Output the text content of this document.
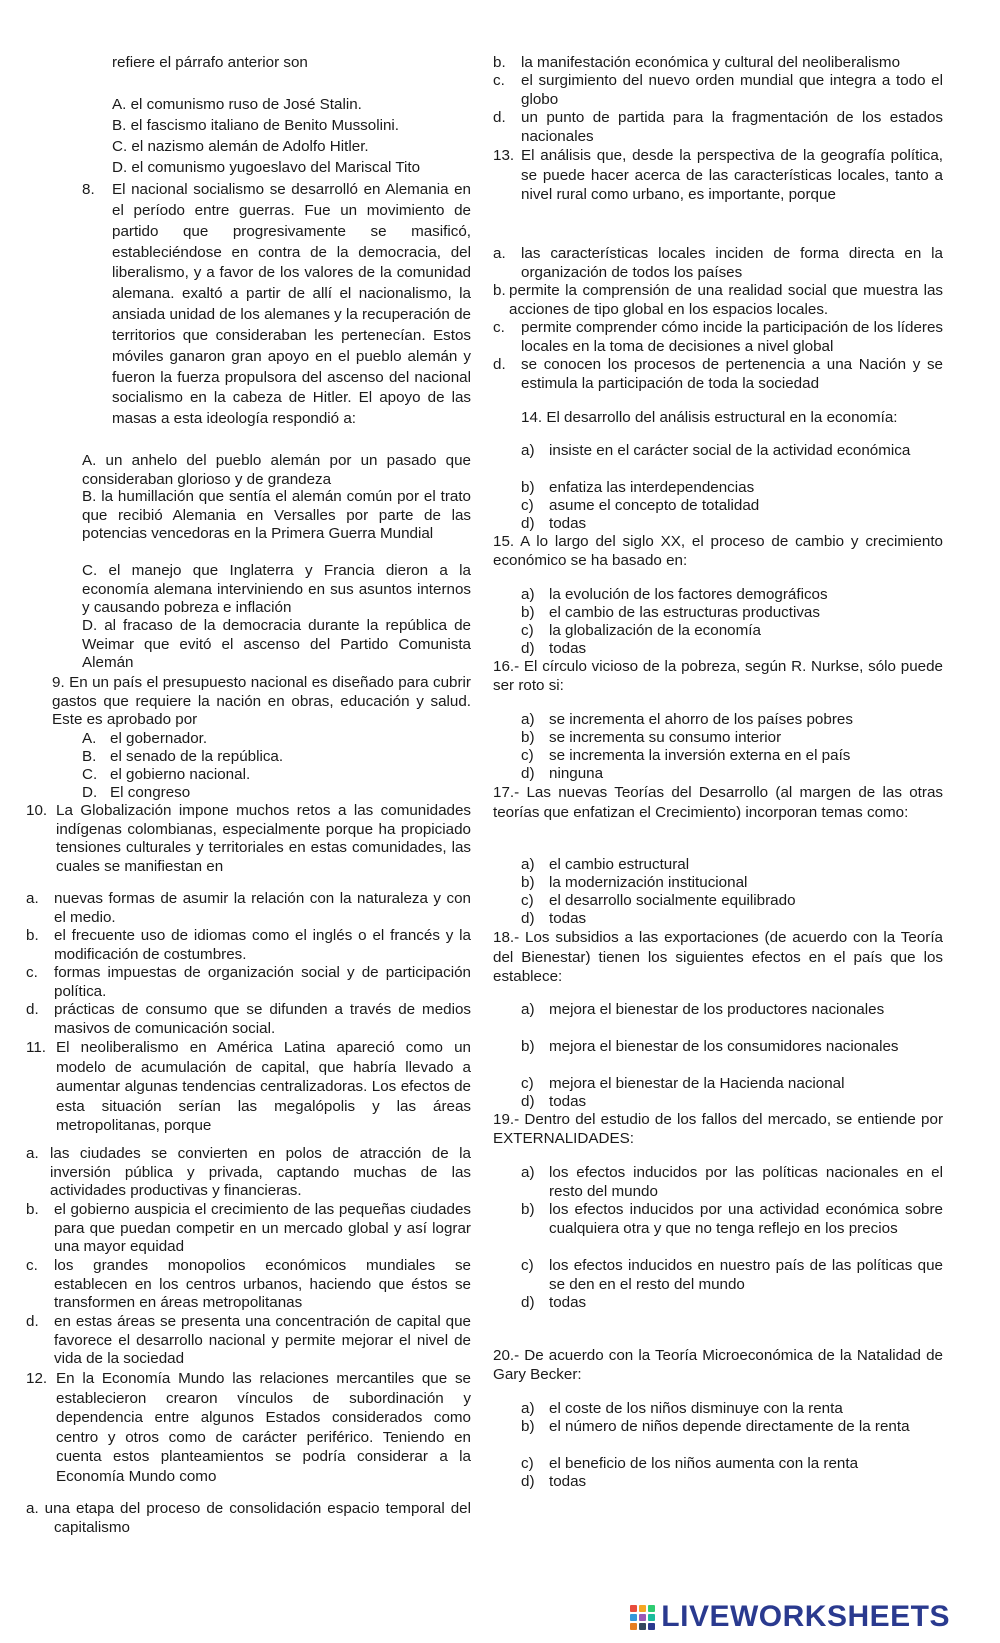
refiere el párrafo anterior son
A. el comunismo ruso de José Stalin.
B. el fascismo italiano de Benito Mussolini.
C. el nazismo alemán de Adolfo Hitler.
D. el comunismo yugoeslavo del Mariscal Tito
8.	El nacional socialismo se desarrolló en Alemania en el período entre guerras. Fue un movimiento de partido que progresivamente se masificó, estableciéndose en contra de la democracia, del liberalismo, y a favor de los valores de la comunidad alemana. exaltó a partir de allí el nacionalismo, la ansiada unidad de los alemanes y la recuperación de territorios que consideraban les pertenecían. Estos móviles ganaron gran apoyo en el pueblo alemán y fueron la fuerza propulsora del ascenso del nacional socialismo en la cabeza de Hitler. El apoyo de las masas a esta ideología respondió a:
A. un anhelo del pueblo alemán por un pasado que consideraban glorioso y de grandeza
B. la humillación que sentía el alemán común por el trato que recibió Alemania en Versalles por parte de las potencias vencedoras en la Primera Guerra Mundial
C. el manejo que Inglaterra y Francia dieron a la economía alemana interviniendo en sus asuntos internos y causando pobreza e inflación
D. al fracaso de la democracia durante la república de Weimar que evitó el ascenso del Partido Comunista Alemán
9. En un país el presupuesto nacional es diseñado para cubrir gastos que requiere la nación en obras, educación y salud. Este es aprobado por
A. el gobernador.
B. el senado de la república.
C. el gobierno nacional.
D. El congreso
10. La Globalización impone muchos retos a las comunidades indígenas colombianas, especialmente porque ha propiciado tensiones culturales y territoriales en estas comunidades, las cuales se manifiestan en
a.	nuevas formas de asumir la relación con la naturaleza y con el medio.
b.	el frecuente uso de idiomas como el inglés o el francés y la modificación de costumbres.
c.	formas impuestas de organización social y de participación política.
d.	prácticas de consumo que se difunden a través de medios masivos de comunicación social.
11. El neoliberalismo en América Latina apareció como un modelo de acumulación de capital, que habría llevado a aumentar algunas tendencias centralizadoras. Los efectos de esta situación serían las megalópolis y las áreas metropolitanas, porque
a. las ciudades se convierten en polos de atracción de la inversión pública y privada, captando muchas de las actividades productivas y financieras.
b.	el gobierno auspicia el crecimiento de las pequeñas ciudades para que puedan competir en un mercado global y así lograr una mayor equidad
c.	los grandes monopolios económicos mundiales se establecen en los centros urbanos, haciendo que éstos se transformen en áreas metropolitanas
d.	en estas áreas se presenta una concentración de capital que favorece el desarrollo nacional y permite mejorar el nivel de vida de la sociedad
12. En la Economía Mundo las relaciones mercantiles que se establecieron crearon vínculos de subordinación y dependencia entre algunos Estados considerados como centro y otros como de carácter periférico. Teniendo en cuenta estos planteamientos se podría considerar a la Economía Mundo como
a. una etapa del proceso de consolidación espacio temporal del capitalismo
b.	la manifestación económica y cultural del neoliberalismo
c.	el surgimiento del nuevo orden mundial que integra a todo el globo
d.	un punto de partida para la fragmentación de los estados nacionales
13. El análisis que, desde la perspectiva de la geografía política, se puede hacer acerca de las características locales, tanto a nivel rural como urbano, es importante, porque
a.	las características locales inciden de forma directa en la organización de todos los países
b. permite la comprensión de una realidad social que muestra las acciones de tipo global en los espacios locales.
c.	permite comprender cómo incide la participación de los líderes locales en la toma de decisiones a nivel global
d.	se conocen los procesos de pertenencia a una Nación y se estimula la participación de toda la sociedad
14. El desarrollo del análisis estructural en la economía:
a) insiste en el carácter social de la actividad económica
b) enfatiza las interdependencias
c)	asume el concepto de totalidad
d) todas
15. A lo largo del siglo XX, el proceso de cambio y crecimiento económico se ha basado en:
a) la evolución de los factores demográficos
b) el cambio de las estructuras productivas
c)	la globalización de la economía
d) todas
16.- El círculo vicioso de la pobreza, según R. Nurkse, sólo puede ser roto si:
a) se incrementa el ahorro de los países pobres
b) se incrementa su consumo interior
c)	se incrementa la inversión externa en el país
d) ninguna
17.- Las nuevas Teorías del Desarrollo (al margen de las otras teorías que enfatizan el Crecimiento) incorporan temas como:
a) el cambio estructural
b) la modernización institucional
c)	el desarrollo socialmente equilibrado
d) todas
18.- Los subsidios a las exportaciones (de acuerdo con la Teoría del Bienestar) tienen los siguientes efectos en el país que los establece:
a) mejora el bienestar de los productores nacionales
b) mejora el bienestar de los consumidores nacionales
c)	mejora el bienestar de la Hacienda nacional
d) todas
19.- Dentro del estudio de los fallos del mercado, se entiende por EXTERNALIDADES:
a) los efectos inducidos por las políticas nacionales en el resto del mundo
b) los efectos inducidos por una actividad económica sobre cualquiera otra y que no tenga reflejo en los precios
c)	los efectos inducidos en nuestro país de las políticas que se den en el resto del mundo
d) todas
20.- De acuerdo con la Teoría Microeconómica de la Natalidad de Gary Becker:
a) el coste de los niños disminuye con la renta
b) el número de niños depende directamente de la renta
c)	el beneficio de los niños aumenta con la renta
d) todas
LIVEWORKSHEETS
